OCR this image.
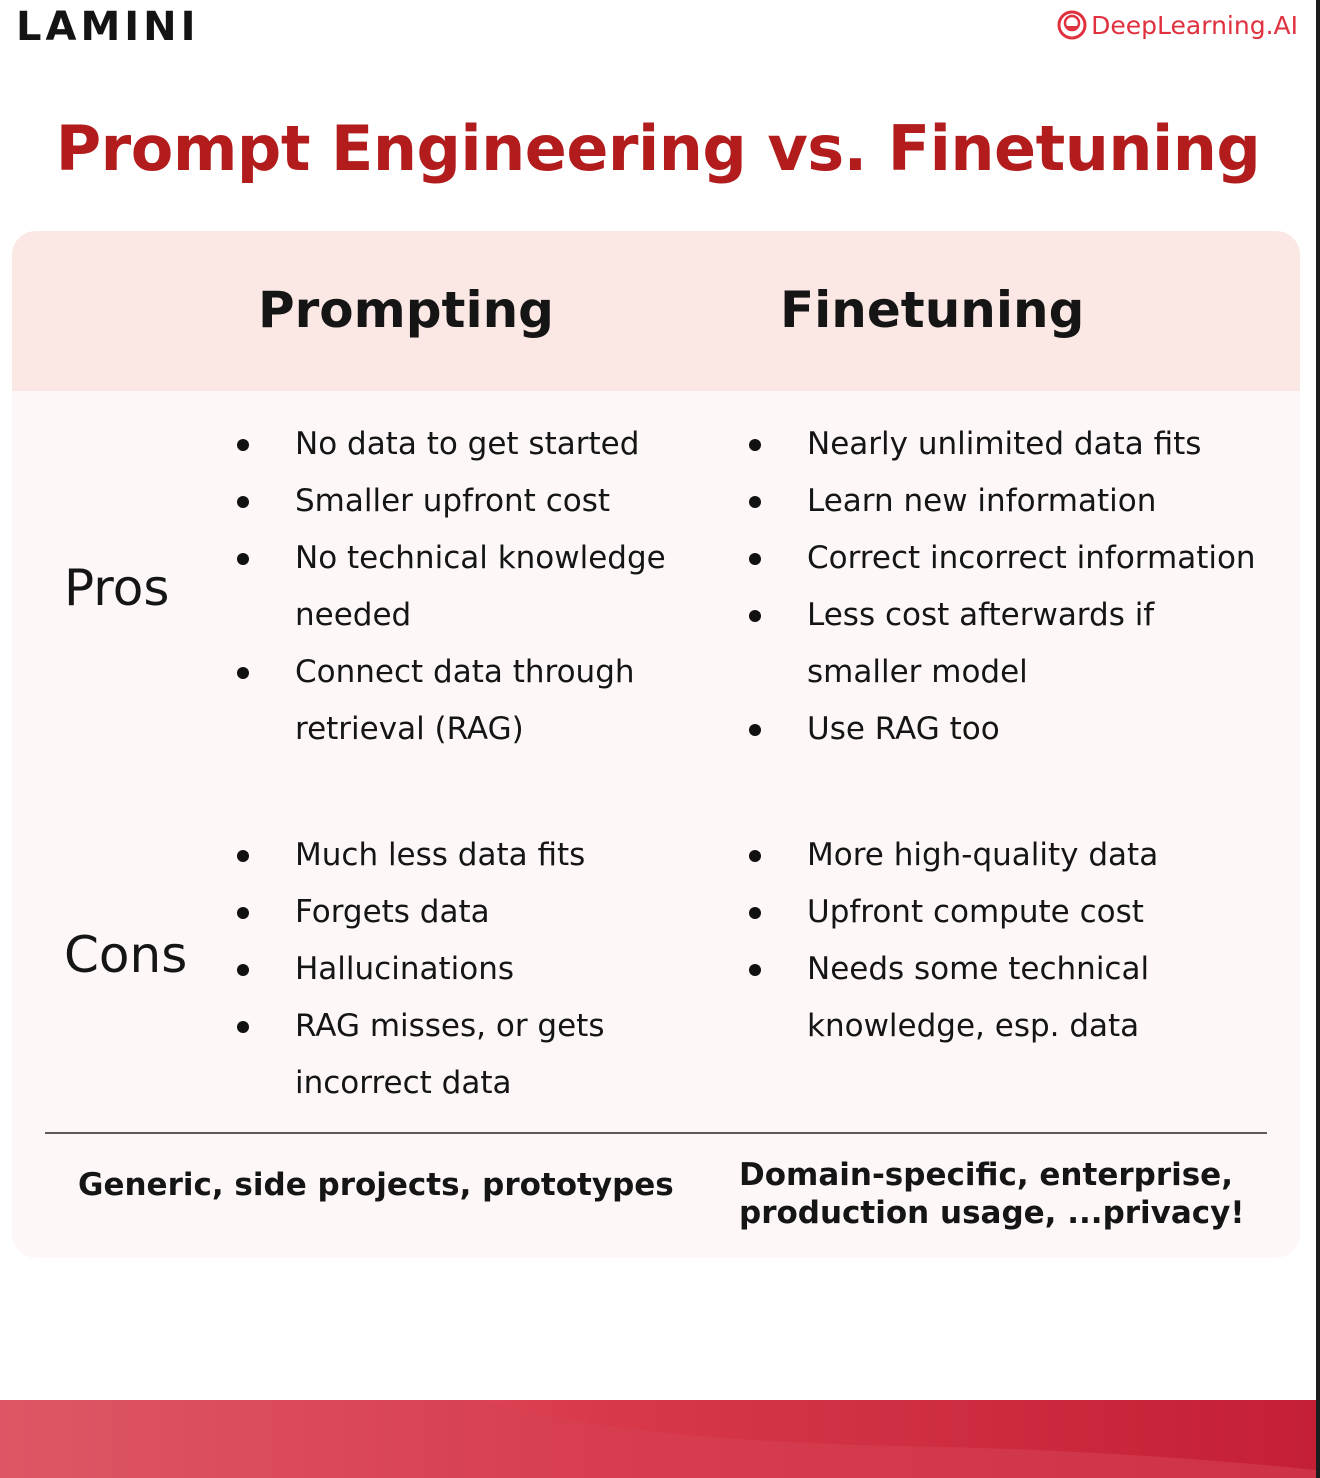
LAMINI	DeepLearning.AI
Prompt Engineering vs. Finetuning
Prompting	Finetuning
Pros
No data to get started
Smaller upfront cost
No technical knowledge
needed
Connect data through
retrieval (RAG)
Nearly unlimited data fits
Learn new information
Correct incorrect information
Less cost afterwards if
smaller model
Use RAG too
Cons
Much less data fits
Forgets data
Hallucinations
RAG misses, or gets
incorrect data
More high-quality data
Upfront compute cost
Needs some technical
knowledge, esp. data
Generic, side projects, prototypes Domain-specific, enterprise,
production usage, ...privacy!
